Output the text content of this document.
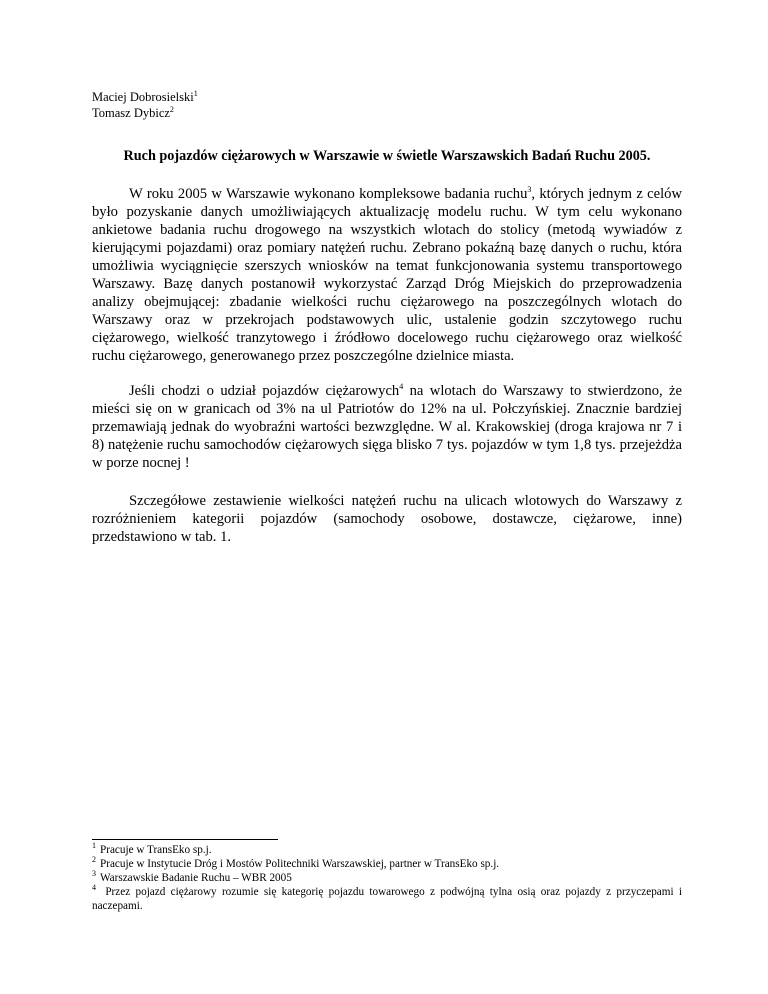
Maciej Dobrosielski$^1$
Tomasz Dybicz$^2$
Ruch pojazdów ciężarowych w Warszawie w świetle Warszawskich Badań Ruchu 2005.

W roku 2005 w Warszawie wykonano kompleksowe badania ruchu$^3$, których jednym z celów było pozyskanie danych umożliwiających aktualizację modelu ruchu. W tym celu wykonano ankietowe badania ruchu drogowego na wszystkich wlotach do stolicy (metodą wywiadów z kierującymi pojazdami) oraz pomiary natężeń ruchu. Zebrano pokaźną bazę danych o ruchu, która umożliwia wyciągnięcie szerszych wniosków na temat funkcjonowania systemu transportowego Warszawy. Bazę danych postanowił wykorzystać Zarząd Dróg Miejskich do przeprowadzenia analizy obejmującej: zbadanie wielkości ruchu ciężarowego na poszczególnych wlotach do Warszawy oraz w przekrojach podstawowych ulic, ustalenie godzin szczytowego ruchu ciężarowego, wielkość tranzytowego i źródłowo docelowego ruchu ciężarowego oraz wielkość ruchu ciężarowego, generowanego przez poszczególne dzielnice miasta.

Jeśli chodzi o udział pojazdów ciężarowych$^4$ na wlotach do Warszawy to stwierdzono, że mieści się on w granicach od 3% na ul Patriotów do 12% na ul. Połczyńskiej. Znacznie bardziej przemawiają jednak do wyobraźni wartości bezwzględne. W al. Krakowskiej (droga krajowa nr 7 i 8) natężenie ruchu samochodów ciężarowych sięga blisko 7 tys. pojazdów w tym 1,8 tys. przejeżdża w porze nocnej !

Szczegółowe zestawienie wielkości natężeń ruchu na ulicach wlotowych do Warszawy z rozróżnieniem kategorii pojazdów (samochody osobowe, dostawcze, ciężarowe, inne) przedstawiono w tab. 1.

$^1$ Pracuje w TransEko sp.j.

$^2$ Pracuje w Instytucie Dróg i Mostów Politechniki Warszawskiej, partner w TransEko sp.j.

$^3$ Warszawskie Badanie Ruchu – WBR 2005

$^4$ Przez pojazd ciężarowy rozumie się kategorię pojazdu towarowego z podwójną tylna osią oraz pojazdy z przyczepami i naczepami.
